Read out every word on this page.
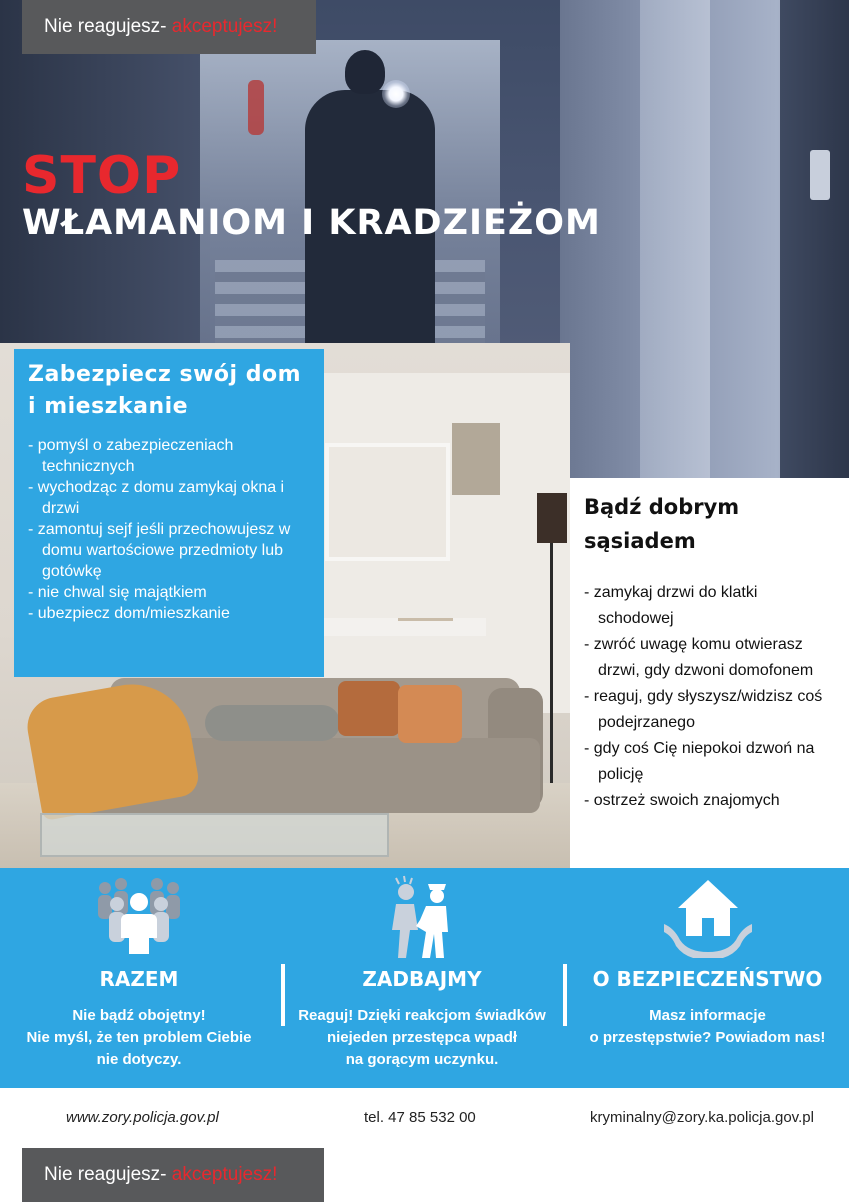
Nie reagujesz- akceptujesz!
STOP
WŁAMANIOM I KRADZIEŻOM
Zabezpiecz swój dom
i mieszkanie
- pomyśl o zabezpieczeniach technicznych
- wychodząc z domu zamykaj okna i drzwi
- zamontuj sejf jeśli przechowujesz w domu wartościowe przedmioty lub gotówkę
- nie chwal się majątkiem
- ubezpiecz dom/mieszkanie
Bądź dobrym
sąsiadem
- zamykaj drzwi do klatki schodowej
- zwróć uwagę komu otwierasz drzwi, gdy dzwoni domofonem
- reaguj, gdy słyszysz/widzisz coś podejrzanego
- gdy coś Cię niepokoi dzwoń na policję
- ostrzeż swoich znajomych
RAZEM
Nie bądź obojętny!
Nie myśl, że ten problem Ciebie
nie dotyczy.
ZADBAJMY
Reaguj! Dzięki reakcjom świadków
niejeden przestępca wpadł
na gorącym uczynku.
O BEZPIECZEŃSTWO
Masz informacje
o przestępstwie? Powiadom nas!
www.zory.policja.gov.pl	tel. 47 85 532 00	kryminalny@zory.ka.policja.gov.pl
Nie reagujesz- akceptujesz!
